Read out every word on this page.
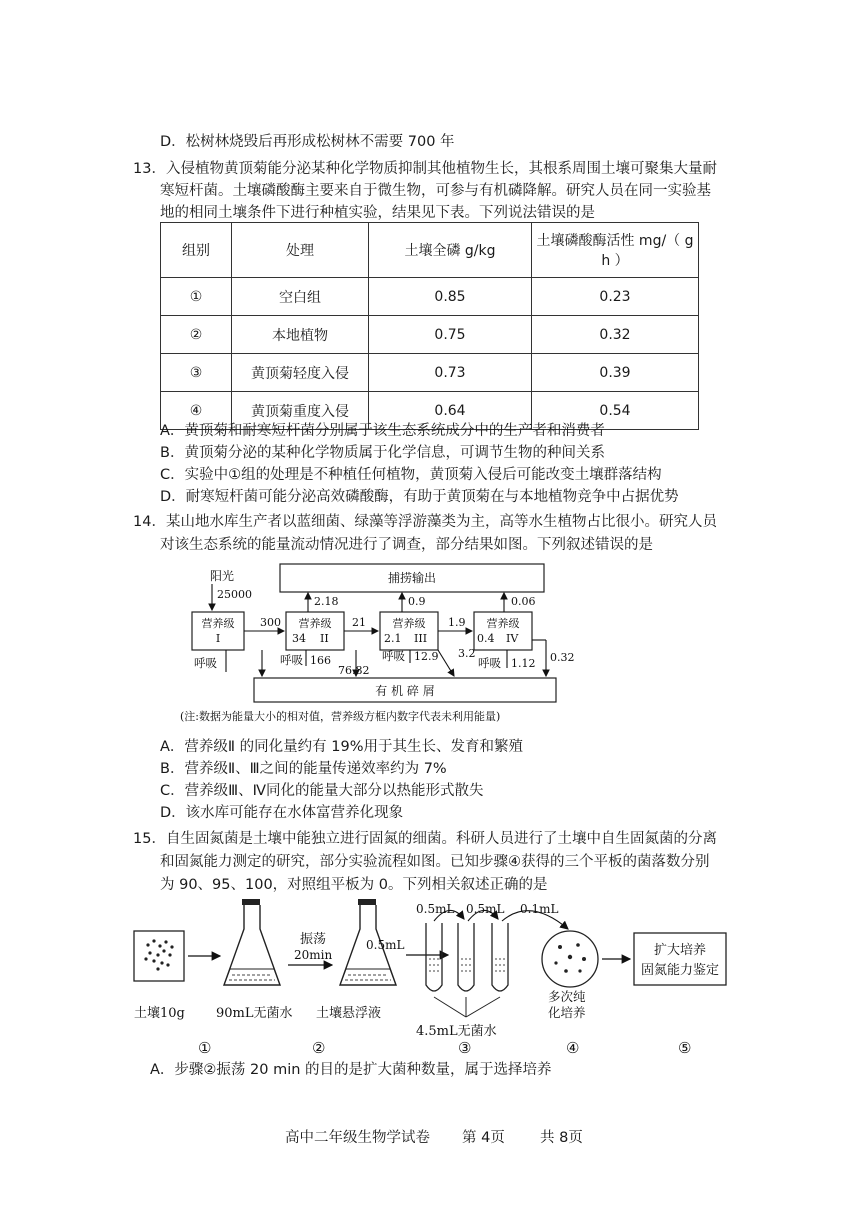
D．松树林烧毁后再形成松树林不需要 700 年
13．入侵植物黄顶菊能分泌某种化学物质抑制其他植物生长，其根系周围土壤可聚集大量耐
寒短杆菌。土壤磷酸酶主要来自于微生物，可参与有机磷降解。研究人员在同一实验基
地的相同土壤条件下进行种植实验，结果见下表。下列说法错误的是
组别	处理	土壤全磷 g/kg	土壤磷酸酶活性 mg/（ g
h ）

①	空白组	0.85	0.23
②	本地植物	0.75	0.32
③	黄顶菊轻度入侵	0.73	0.39
④	黄顶菊重度入侵	0.64	0.54
A．黄顶菊和耐寒短杆菌分别属于该生态系统成分中的生产者和消费者
B．黄顶菊分泌的某种化学物质属于化学信息，可调节生物的种间关系
C．实验中①组的处理是不种植任何植物，黄顶菊入侵后可能改变土壤群落结构
D．耐寒短杆菌可能分泌高效磷酸酶，有助于黄顶菊在与本地植物竞争中占据优势
14．某山地水库生产者以蓝细菌、绿藻等浮游藻类为主，高等水生植物占比很小。研究人员
对该生态系统的能量流动情况进行了调查，部分结果如图。下列叙述错误的是
捕捞输出
阳光
25000
营养级
I
营养级
34 II
营养级
2.1 III
营养级
0.4 IV
300	21	1.9
2.18	0.9	0.06
呼吸	呼吸 166	呼吸 12.9	呼吸 1.12
有 机 碎 屑
76.82
3.2	0.32
(注:数据为能量大小的相对值，营养级方框内数字代表未利用能量)
A．营养级Ⅱ 的同化量约有 19%用于其生长、发育和繁殖
B．营养级Ⅱ、Ⅲ之间的能量传递效率约为 7%
C．营养级Ⅲ、Ⅳ同化的能量大部分以热能形式散失
D．该水库可能存在水体富营养化现象
15．自生固氮菌是土壤中能独立进行固氮的细菌。科研人员进行了土壤中自生固氮菌的分离
和固氮能力测定的研究，部分实验流程如图。已知步骤④获得的三个平板的菌落数分别
为 90、95、100，对照组平板为 0。下列相关叙述正确的是
土壤10g 90mL无菌水
振荡
20min
土壤悬浮液
0.5mL
0.5mL 0.5mL
4.5mL无菌水
0.1mL
多次纯
化培养
扩大培养
固氮能力鉴定
①	②	③	④	⑤
A．步骤②振荡 20 min 的目的是扩大菌种数量，属于选择培养
高中二年级生物学试卷 第 4页 共 8页
